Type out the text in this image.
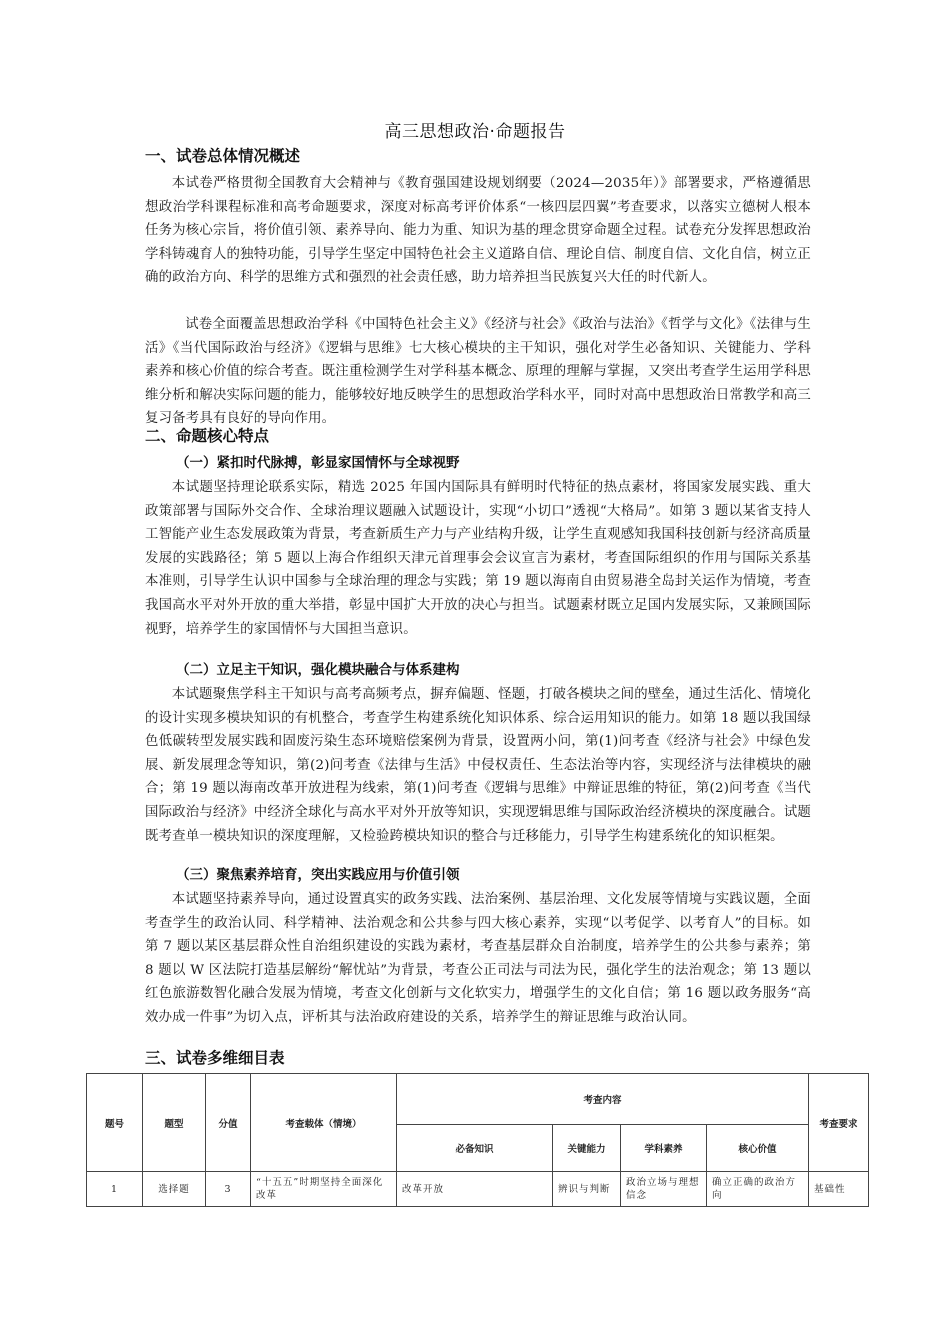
高三思想政治·命题报告
一、试卷总体情况概述
本试卷严格贯彻全国教育大会精神与《教育强国建设规划纲要（2024—2035年）》部署要求，严格遵循思想政治学科课程标准和高考命题要求，深度对标高考评价体系“一核四层四翼”考查要求，以落实立德树人根本任务为核心宗旨，将价值引领、素养导向、能力为重、知识为基的理念贯穿命题全过程。试卷充分发挥思想政治学科铸魂育人的独特功能，引导学生坚定中国特色社会主义道路自信、理论自信、制度自信、文化自信，树立正确的政治方向、科学的思维方式和强烈的社会责任感，助力培养担当民族复兴大任的时代新人。
试卷全面覆盖思想政治学科《中国特色社会主义》《经济与社会》《政治与法治》《哲学与文化》《法律与生活》《当代国际政治与经济》《逻辑与思维》七大核心模块的主干知识，强化对学生必备知识、关键能力、学科素养和核心价值的综合考查。既注重检测学生对学科基本概念、原理的理解与掌握，又突出考查学生运用学科思维分析和解决实际问题的能力，能够较好地反映学生的思想政治学科水平，同时对高中思想政治日常教学和高三复习备考具有良好的导向作用。
二、命题核心特点
（一）紧扣时代脉搏，彰显家国情怀与全球视野
本试题坚持理论联系实际，精选 2025 年国内国际具有鲜明时代特征的热点素材，将国家发展实践、重大政策部署与国际外交合作、全球治理议题融入试题设计，实现“小切口”透视“大格局”。如第 3 题以某省支持人工智能产业生态发展政策为背景，考查新质生产力与产业结构升级，让学生直观感知我国科技创新与经济高质量发展的实践路径；第 5 题以上海合作组织天津元首理事会会议宣言为素材，考查国际组织的作用与国际关系基本准则，引导学生认识中国参与全球治理的理念与实践；第 19 题以海南自由贸易港全岛封关运作为情境，考查我国高水平对外开放的重大举措，彰显中国扩大开放的决心与担当。试题素材既立足国内发展实际，又兼顾国际视野，培养学生的家国情怀与大国担当意识。
（二）立足主干知识，强化模块融合与体系建构
本试题聚焦学科主干知识与高考高频考点，摒弃偏题、怪题，打破各模块之间的壁垒，通过生活化、情境化的设计实现多模块知识的有机整合，考查学生构建系统化知识体系、综合运用知识的能力。如第 18 题以我国绿色低碳转型发展实践和固废污染生态环境赔偿案例为背景，设置两小问，第(1)问考查《经济与社会》中绿色发展、新发展理念等知识，第(2)问考查《法律与生活》中侵权责任、生态法治等内容，实现经济与法律模块的融合；第 19 题以海南改革开放进程为线索，第(1)问考查《逻辑与思维》中辩证思维的特征，第(2)问考查《当代国际政治与经济》中经济全球化与高水平对外开放等知识，实现逻辑思维与国际政治经济模块的深度融合。试题既考查单一模块知识的深度理解，又检验跨模块知识的整合与迁移能力，引导学生构建系统化的知识框架。
（三）聚焦素养培育，突出实践应用与价值引领
本试题坚持素养导向，通过设置真实的政务实践、法治案例、基层治理、文化发展等情境与实践议题，全面考查学生的政治认同、科学精神、法治观念和公共参与四大核心素养，实现“以考促学、以考育人”的目标。如第 7 题以某区基层群众性自治组织建设的实践为素材，考查基层群众自治制度，培养学生的公共参与素养；第 8 题以 W 区法院打造基层解纷“解忧站”为背景，考查公正司法与司法为民，强化学生的法治观念；第 13 题以红色旅游数智化融合发展为情境，考查文化创新与文化软实力，增强学生的文化自信；第 16 题以政务服务“高效办成一件事”为切入点，评析其与法治政府建设的关系，培养学生的辩证思维与政治认同。
三、试卷多维细目表
题号	题型	分值	考查载体（情境）	考查内容				考查要求
				必备知识	关键能力	学科素养	核心价值	
1	选择题	3	“十五五”时期坚持全面深化改革	改革开放	辨识与判断	政治立场与理想信念	确立正确的政治方向	基础性
